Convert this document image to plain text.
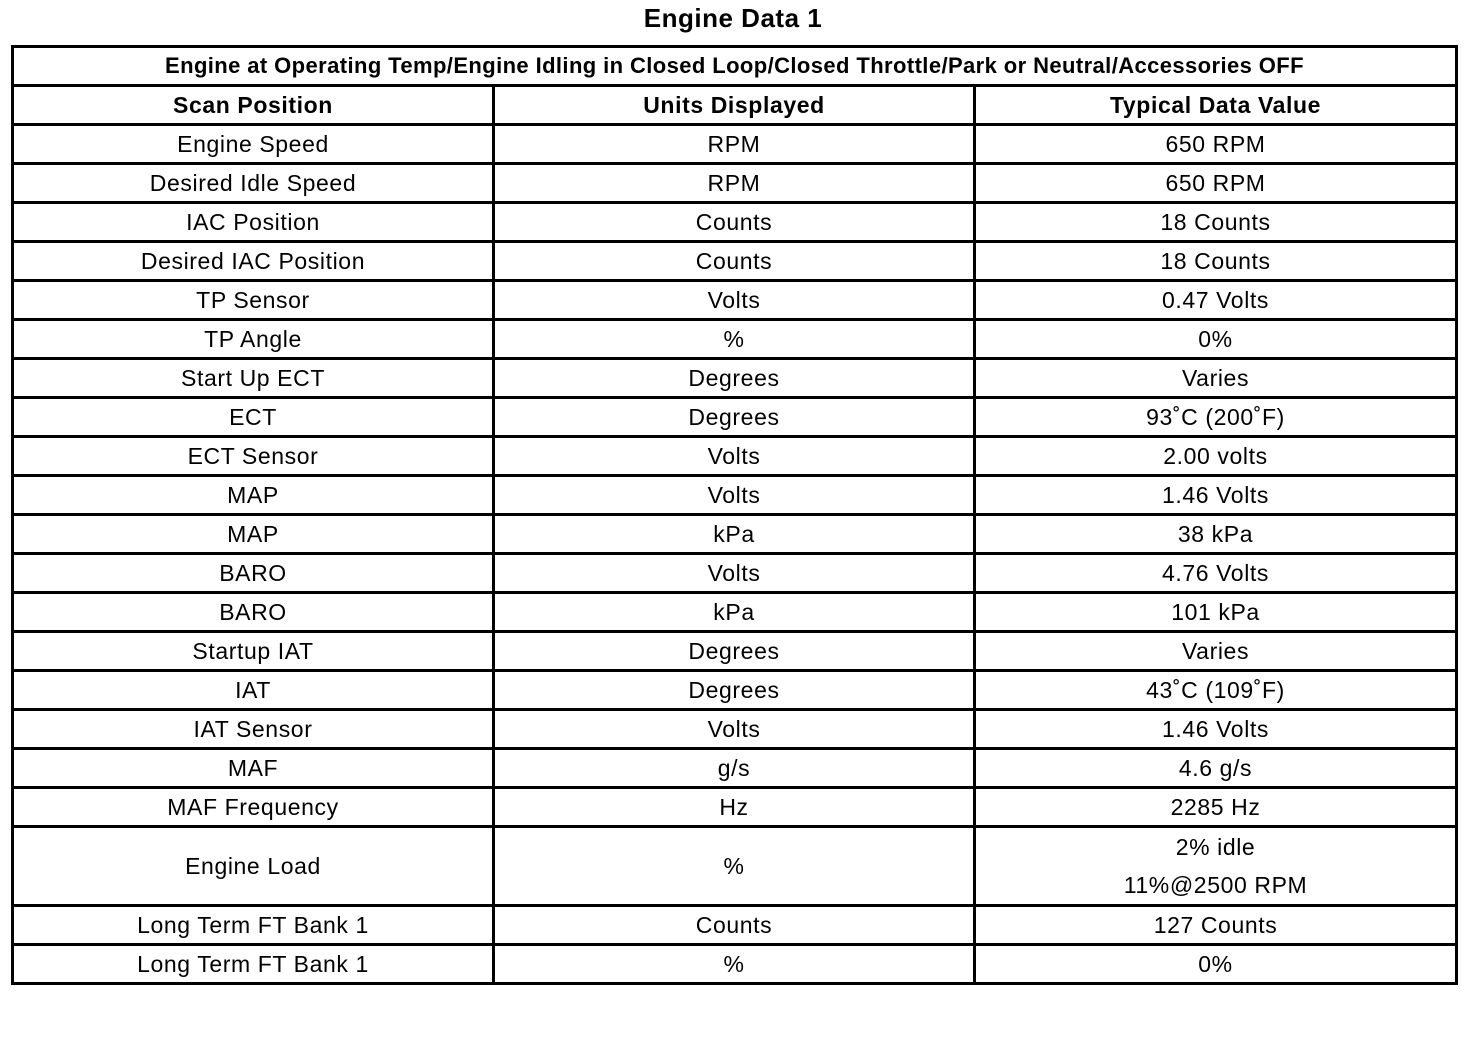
Engine Data 1
Engine at Operating Temp/Engine Idling in Closed Loop/Closed Throttle/Park or Neutral/Accessories OFF		
Scan Position	Units Displayed	Typical Data Value
Engine Speed	RPM	650 RPM
Desired Idle Speed	RPM	650 RPM
IAC Position	Counts	18 Counts
Desired IAC Position	Counts	18 Counts
TP Sensor	Volts	0.47 Volts
TP Angle	%	0%
Start Up ECT	Degrees	Varies
ECT	Degrees	93˚C (200˚F)
ECT Sensor	Volts	2.00 volts
MAP	Volts	1.46 Volts
MAP	kPa	38 kPa
BARO	Volts	4.76 Volts
BARO	kPa	101 kPa
Startup IAT	Degrees	Varies
IAT	Degrees	43˚C (109˚F)
IAT Sensor	Volts	1.46 Volts
MAF	g/s	4.6 g/s
MAF Frequency	Hz	2285 Hz
Engine Load	%	2% idle
11%@2500 RPM

Long Term FT Bank 1	Counts	127 Counts
Long Term FT Bank 1	%	0%
